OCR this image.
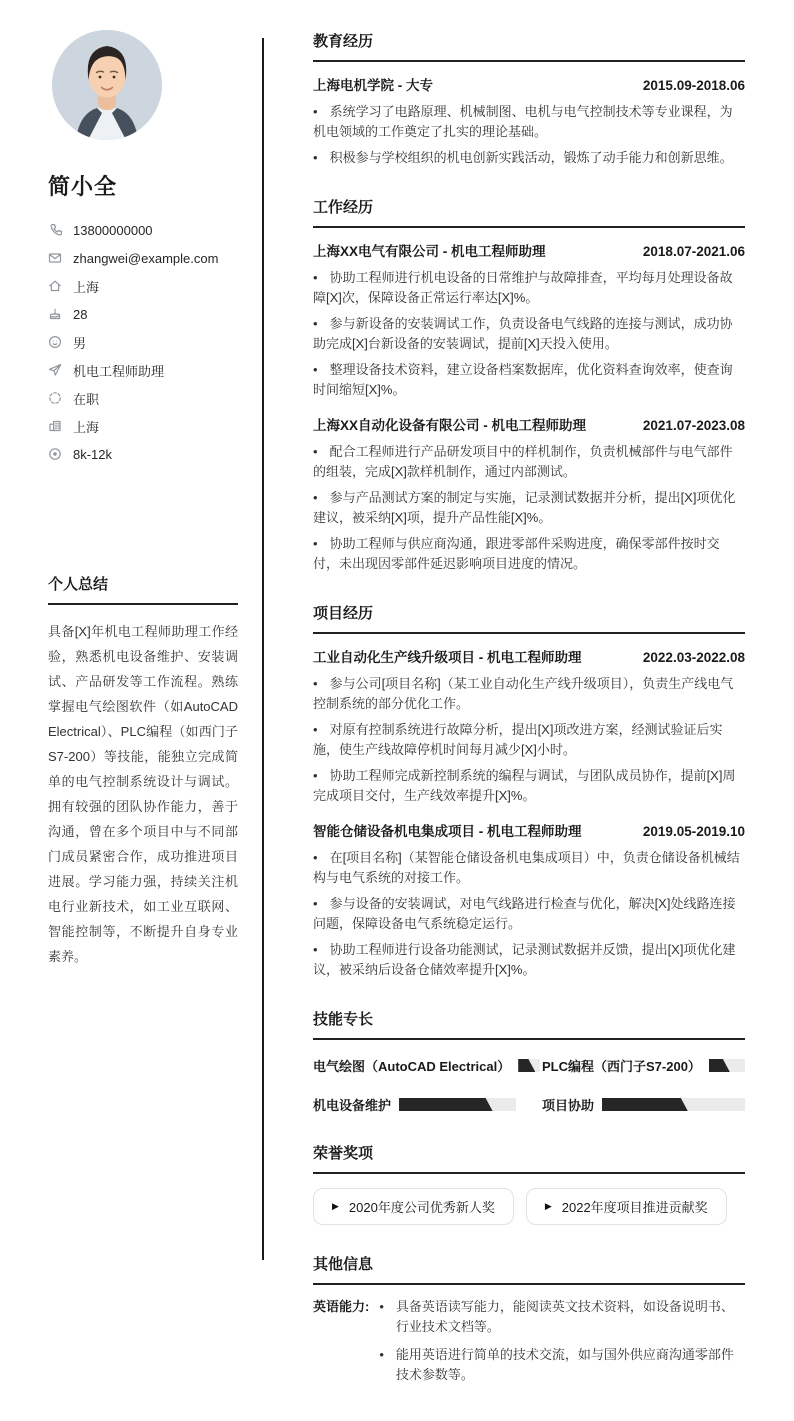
简小全
13800000000
zhangwei@example.com
上海
28
男
机电工程师助理
在职
上海
8k-12k
个人总结

具备[X]年机电工程师助理工作经验，熟悉机电设备维护、安装调试、产品研发等工作流程。熟练掌握电气绘图软件（如AutoCAD Electrical）、PLC编程（如西门子S7-200）等技能，能独立完成简单的电气控制系统设计与调试。拥有较强的团队协作能力，善于沟通，曾在多个项目中与不同部门成员紧密合作，成功推进项目进展。学习能力强，持续关注机电行业新技术，如工业互联网、智能控制等，不断提升自身专业素养。

教育经历
上海电机学院 - 大专	2015.09-2018.06

• 系统学习了电路原理、机械制图、电机与电气控制技术等专业课程，为机电领域的工作奠定了扎实的理论基础。

• 积极参与学校组织的机电创新实践活动，锻炼了动手能力和创新思维。

工作经历
上海XX电气有限公司 - 机电工程师助理	2018.07-2021.06

• 协助工程师进行机电设备的日常维护与故障排查，平均每月处理设备故障[X]次，保障设备正常运行率达[X]%。

• 参与新设备的安装调试工作，负责设备电气线路的连接与测试，成功协助完成[X]台新设备的安装调试，提前[X]天投入使用。

• 整理设备技术资料，建立设备档案数据库，优化资料查询效率，使查询时间缩短[X]%。

上海XX自动化设备有限公司 - 机电工程师助理	2021.07-2023.08

• 配合工程师进行产品研发项目中的样机制作，负责机械部件与电气部件的组装，完成[X]款样机制作，通过内部测试。

• 参与产品测试方案的制定与实施，记录测试数据并分析，提出[X]项优化建议，被采纳[X]项，提升产品性能[X]%。

• 协助工程师与供应商沟通，跟进零部件采购进度，确保零部件按时交付，未出现因零部件延迟影响项目进度的情况。

项目经历
工业自动化生产线升级项目 - 机电工程师助理	2022.03-2022.08

• 参与公司[项目名称]（某工业自动化生产线升级项目），负责生产线电气控制系统的部分优化工作。

• 对原有控制系统进行故障分析，提出[X]项改进方案，经测试验证后实施，使生产线故障停机时间每月减少[X]小时。

• 协助工程师完成新控制系统的编程与调试，与团队成员协作，提前[X]周完成项目交付，生产线效率提升[X]%。

智能仓储设备机电集成项目 - 机电工程师助理	2019.05-2019.10

• 在[项目名称]（某智能仓储设备机电集成项目）中，负责仓储设备机械结构与电气系统的对接工作。

• 参与设备的安装调试，对电气线路进行检查与优化，解决[X]处线路连接问题，保障设备电气系统稳定运行。

• 协助工程师进行设备功能测试，记录测试数据并反馈，提出[X]项优化建议，被采纳后设备仓储效率提升[X]%。

技能专长
电气绘图（AutoCAD Electrical） PLC编程（西门子S7-200）
机电设备维护	项目协助
荣誉奖项
▶ 2020年度公司优秀新人奖	▶ 2022年度项目推进贡献奖
其他信息
英语能力: • 具备英语读写能力，能阅读英文技术资料，如设备说明书、行业技术文档等。
• 能用英语进行简单的技术交流，如与国外供应商沟通零部件技术参数等。
